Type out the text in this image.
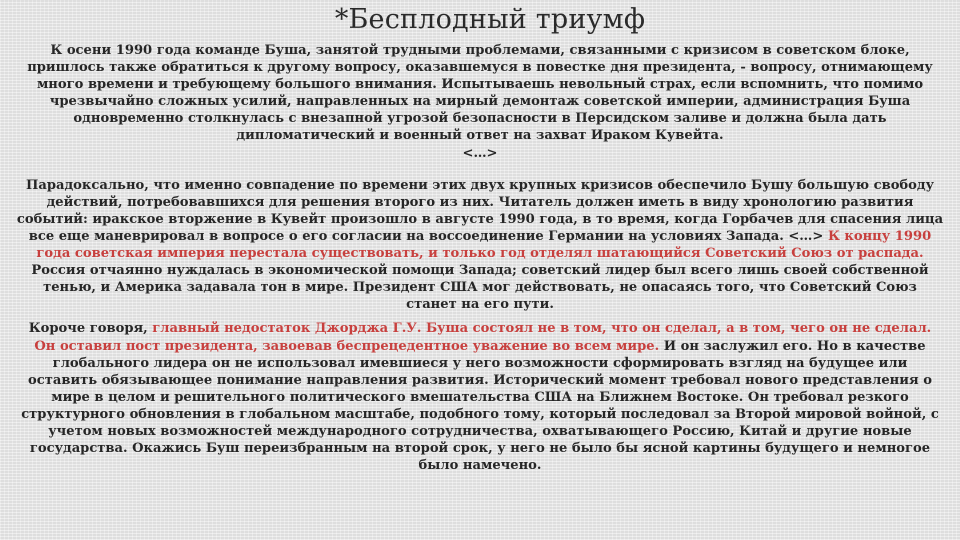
*Бесплодный триумф

К осени 1990 года команде Буша, занятой трудными проблемами, связанными с кризисом в советском блоке, пришлось также обратиться к другому вопросу, оказавшемуся в повестке дня президента, - вопросу, отнимающему много времени и требующему большого внимания. Испытываешь невольный страх, если вспомнить, что помимо чрезвычайно сложных усилий, направленных на мирный демонтаж советской империи, администрация Буша одновременно столкнулась с внезапной угрозой безопасности в Персидском заливе и должна была дать дипломатический и военный ответ на захват Ираком Кувейта.
<…>

Парадоксально, что именно совпадение по времени этих двух крупных кризисов обеспечило Бушу большую свободу действий, потребовавшихся для решения второго из них. Читатель должен иметь в виду хронологию развития событий: иракское вторжение в Кувейт произошло в августе 1990 года, в то время, когда Горбачев для спасения лица все еще маневрировал в вопросе о его согласии на воссоединение Германии на условиях Запада. <…> К концу 1990 года советская империя перестала существовать, и только год отделял шатающийся Советский Союз от распада. Россия отчаянно нуждалась в экономической помощи Запада; советский лидер был всего лишь своей собственной тенью, и Америка задавала тон в мире. Президент США мог действовать, не опасаясь того, что Советский Союз станет на его пути.

Короче говоря, главный недостаток Джорджа Г.У. Буша состоял не в том, что он сделал, а в том, чего он не сделал. Он оставил пост президента, завоевав беспрецедентное уважение во всем мире. И он заслужил его. Но в качестве глобального лидера он не использовал имевшиеся у него возможности сформировать взгляд на будущее или оставить обязывающее понимание направления развития. Исторический момент требовал нового представления о мире в целом и решительного политического вмешательства США на Ближнем Востоке. Он требовал резкого структурного обновления в глобальном масштабе, подобного тому, который последовал за Второй мировой войной, с учетом новых возможностей международного сотрудничества, охватывающего Россию, Китай и другие новые государства. Окажись Буш переизбранным на второй срок, у него не было бы ясной картины будущего и немногое было намечено.
